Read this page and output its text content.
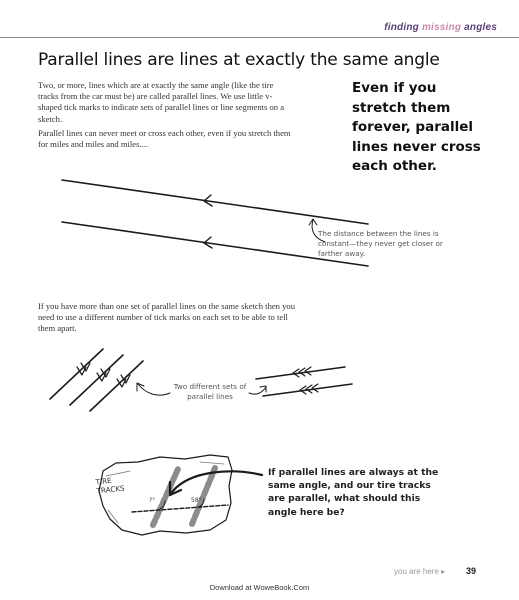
finding missing angles
Parallel lines are lines at exactly the same angle

Two, or more, lines which are at exactly the same angle (like the tire tracks from the car must be) are called parallel lines. We use little v-shaped tick marks to indicate sets of parallel lines or line segments on a sketch.

Parallel lines can never meet or cross each other, even if you stretch them for miles and miles and miles....

Even if you stretch them forever, parallel lines never cross each other.
The distance between the lines is constant—they never get closer or farther away.

If you have more than one set of parallel lines on the same sketch then you need to use a different number of tick marks on each set to be able to tell them apart.

Two different sets of parallel lines
TIRE
TRACKS
?°	58°
If parallel lines are always at the same angle, and our tire tracks are parallel, what should this angle here be?
you are here ▸ 39
Download at WoweBook.Com
